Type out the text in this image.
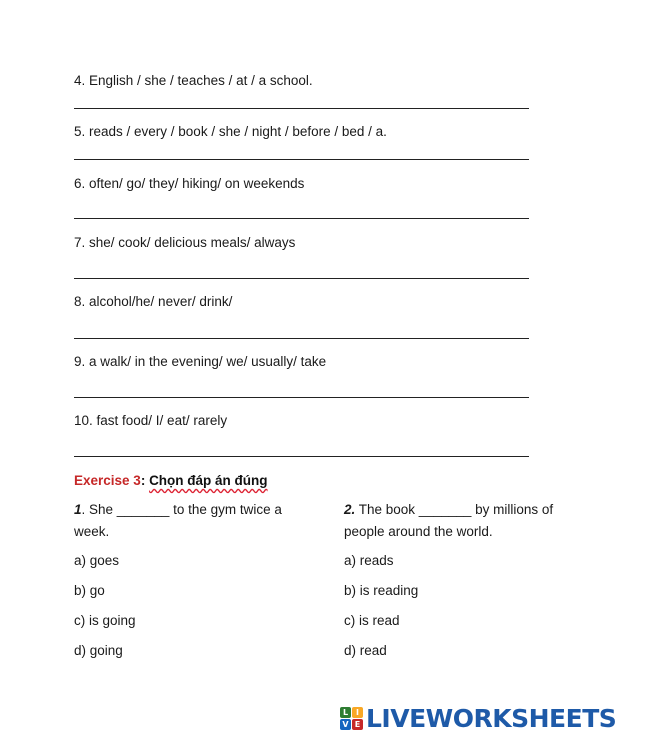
4. English / she / teaches / at / a school.
5. reads / every / book / she / night / before / bed / a.
6. often/ go/ they/ hiking/ on weekends
7. she/ cook/ delicious meals/ always
8. alcohol/he/ never/ drink/
9. a walk/ in the evening/ we/ usually/ take
10. fast food/ I/ eat/ rarely
Exercise 3: Chọn đáp án đúng
1. She _______ to the gym twice a week.
a) goes
b) go
c) is going
d) going
2. The book _______ by millions of people around the world.
a) reads
b) is reading
c) is read
d) read
L I
V E LIVEWORKSHEETS
